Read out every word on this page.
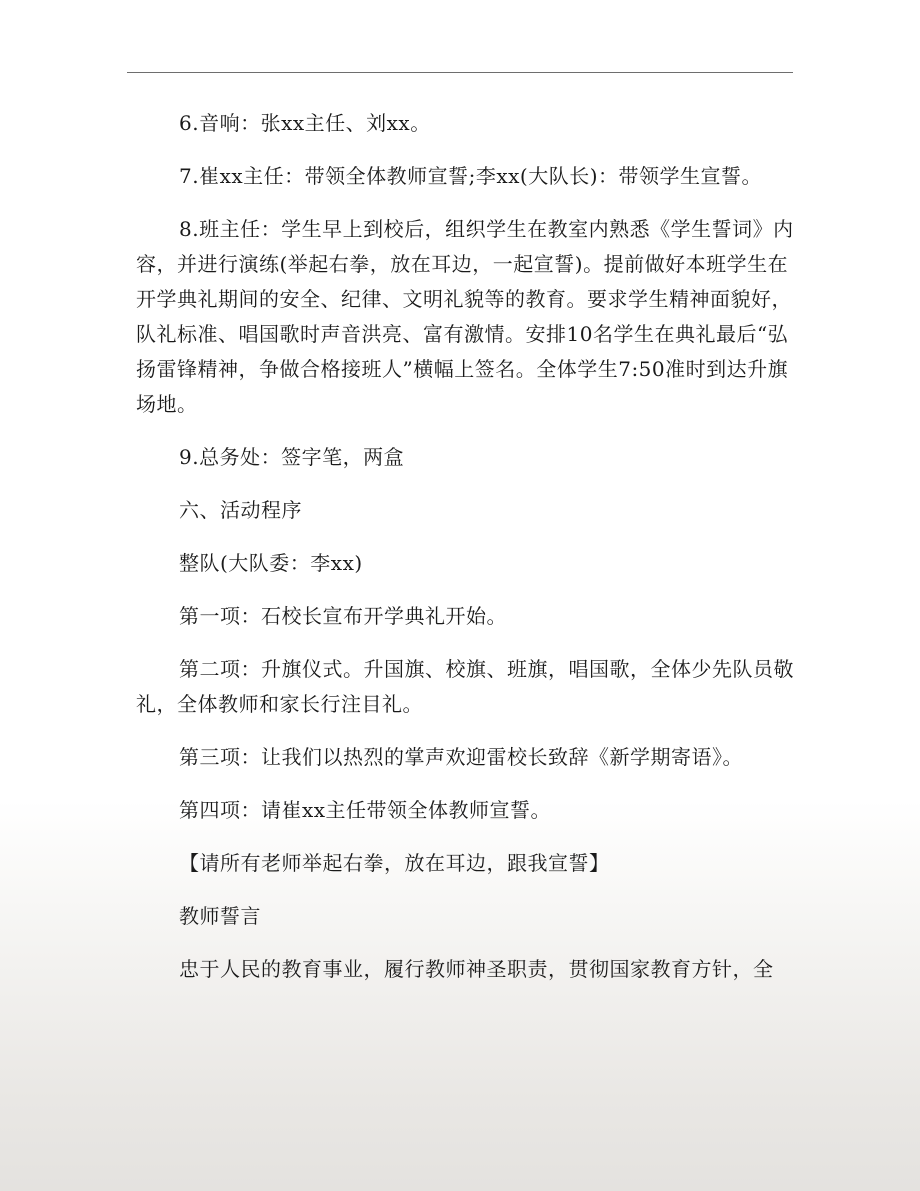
6.音响：张xx主任、刘xx。

7.崔xx主任：带领全体教师宣誓;李xx(大队长)：带领学生宣誓。

8.班主任：学生早上到校后，组织学生在教室内熟悉《学生誓词》内容，并进行演练(举起右拳，放在耳边，一起宣誓)。提前做好本班学生在开学典礼期间的安全、纪律、文明礼貌等的教育。要求学生精神面貌好，队礼标准、唱国歌时声音洪亮、富有激情。安排10名学生在典礼最后“弘扬雷锋精神，争做合格接班人”横幅上签名。全体学生7:50准时到达升旗场地。

9.总务处：签字笔，两盒

六、活动程序

整队(大队委：李xx)

第一项：石校长宣布开学典礼开始。

第二项：升旗仪式。升国旗、校旗、班旗，唱国歌，全体少先队员敬礼，全体教师和家长行注目礼。

第三项：让我们以热烈的掌声欢迎雷校长致辞《新学期寄语》。

第四项：请崔xx主任带领全体教师宣誓。

【请所有老师举起右拳，放在耳边，跟我宣誓】

教师誓言

忠于人民的教育事业，履行教师神圣职责，贯彻国家教育方针，全
